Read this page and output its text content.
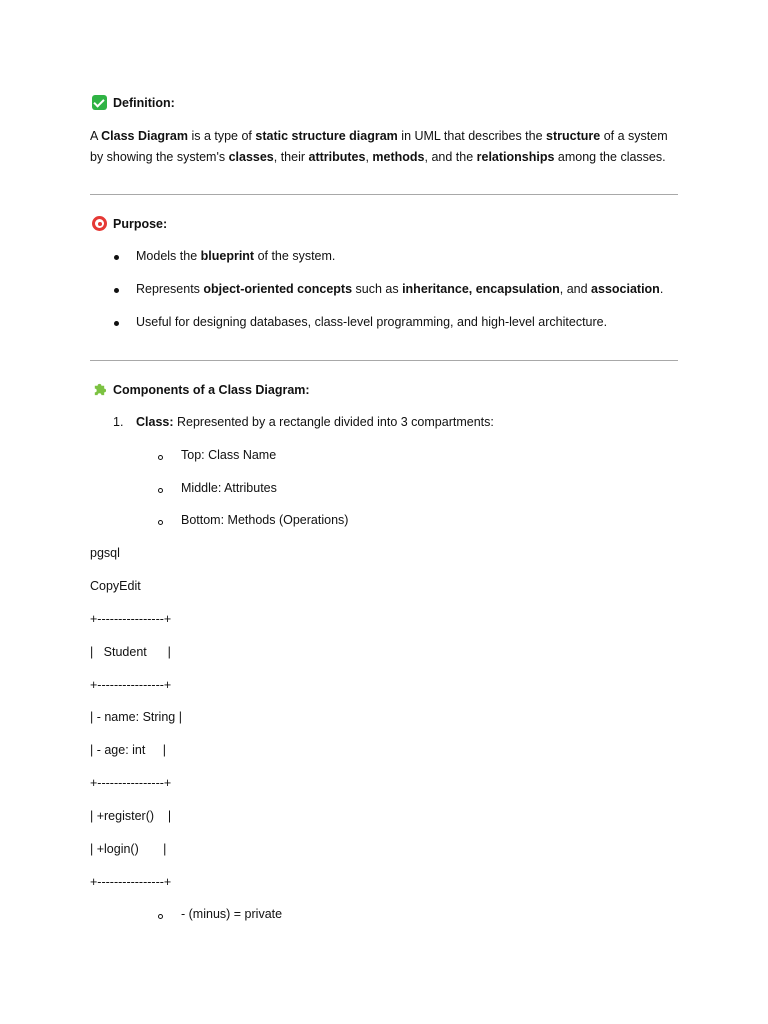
Definition:
A Class Diagram is a type of static structure diagram in UML that describes the structure of a system by showing the system's classes, their attributes, methods, and the relationships among the classes.
Purpose:
Models the blueprint of the system.
Represents object-oriented concepts such as inheritance, encapsulation, and association.
Useful for designing databases, class-level programming, and high-level architecture.
Components of a Class Diagram:
1. Class: Represented by a rectangle divided into 3 compartments:
Top: Class Name
Middle: Attributes
Bottom: Methods (Operations)
pgsql
CopyEdit
+----------------+
|   Student      |
+----------------+
| - name: String |
| - age: int     |
+----------------+
| +register()    |
| +login()       |
+----------------+
- (minus) = private
